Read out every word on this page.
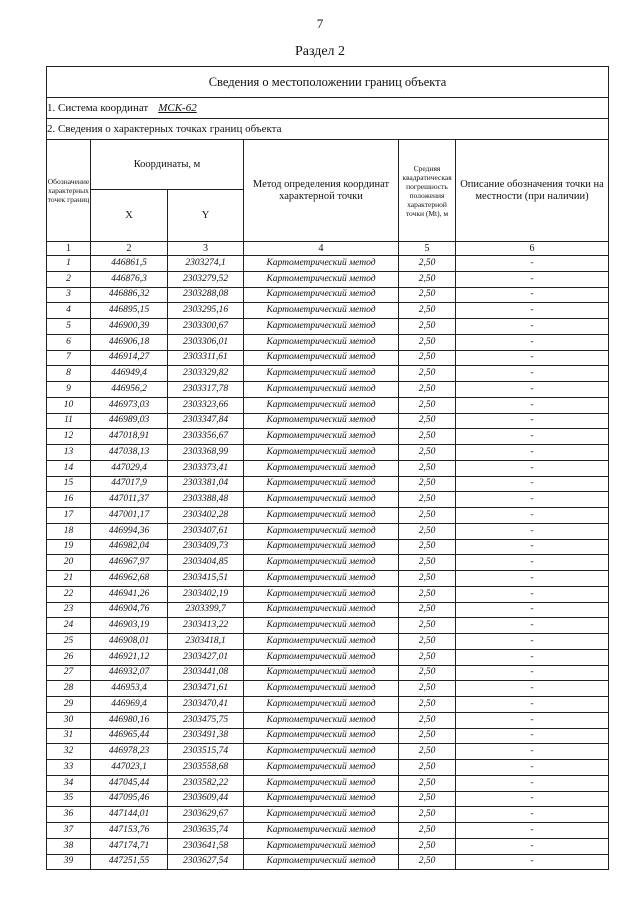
7
Раздел 2
Сведения о местоположении границ объекта					
1. Система координат МСК-62					
2. Сведения о характерных точках границ объекта					
Обозначение характерных точек границ	Координаты, м		Метод определения координат характерной точки	Средняя квадратическая погрешность положения характерной точки (Mt), м	Описание обозначения точки на местности (при наличии)
	X	Y			
1	2	3	4	5	6
1	446861,5	2303274,1	Картометрический метод	2,50	-
2	446876,3	2303279,52	Картометрический метод	2,50	-
3	446886,32	2303288,08	Картометрический метод	2,50	-
4	446895,15	2303295,16	Картометрический метод	2,50	-
5	446900,39	2303300,67	Картометрический метод	2,50	-
6	446906,18	2303306,01	Картометрический метод	2,50	-
7	446914,27	2303311,61	Картометрический метод	2,50	-
8	446949,4	2303329,82	Картометрический метод	2,50	-
9	446956,2	2303317,78	Картометрический метод	2,50	-
10	446973,03	2303323,66	Картометрический метод	2,50	-
11	446989,03	2303347,84	Картометрический метод	2,50	-
12	447018,91	2303356,67	Картометрический метод	2,50	-
13	447038,13	2303368,99	Картометрический метод	2,50	-
14	447029,4	2303373,41	Картометрический метод	2,50	-
15	447017,9	2303381,04	Картометрический метод	2,50	-
16	447011,37	2303388,48	Картометрический метод	2,50	-
17	447001,17	2303402,28	Картометрический метод	2,50	-
18	446994,36	2303407,61	Картометрический метод	2,50	-
19	446982,04	2303409,73	Картометрический метод	2,50	-
20	446967,97	2303404,85	Картометрический метод	2,50	-
21	446962,68	2303415,51	Картометрический метод	2,50	-
22	446941,26	2303402,19	Картометрический метод	2,50	-
23	446904,76	2303399,7	Картометрический метод	2,50	-
24	446903,19	2303413,22	Картометрический метод	2,50	-
25	446908,01	2303418,1	Картометрический метод	2,50	-
26	446921,12	2303427,01	Картометрический метод	2,50	-
27	446932,07	2303441,08	Картометрический метод	2,50	-
28	446953,4	2303471,61	Картометрический метод	2,50	-
29	446969,4	2303470,41	Картометрический метод	2,50	-
30	446980,16	2303475,75	Картометрический метод	2,50	-
31	446965,44	2303491,38	Картометрический метод	2,50	-
32	446978,23	2303515,74	Картометрический метод	2,50	-
33	447023,1	2303558,68	Картометрический метод	2,50	-
34	447045,44	2303582,22	Картометрический метод	2,50	-
35	447095,46	2303609,44	Картометрический метод	2,50	-
36	447144,01	2303629,67	Картометрический метод	2,50	-
37	447153,76	2303635,74	Картометрический метод	2,50	-
38	447174,71	2303641,58	Картометрический метод	2,50	-
39	447251,55	2303627,54	Картометрический метод	2,50	-
